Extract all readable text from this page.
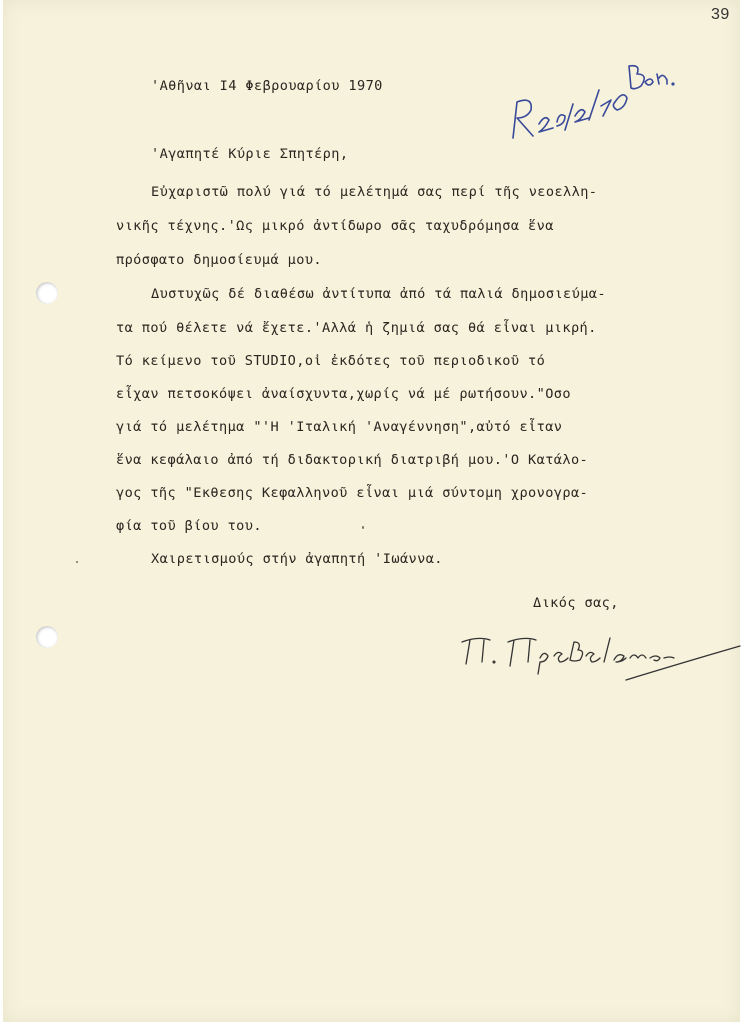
39
'Αθῆναι Ι4 Φεβρουαρίου 1970
'Αγαπητέ Κύριε Σπητέρη,
Εὐχαριστῶ πολύ γιά τό μελέτημά σας περί τῆς νεοελλη-
νικῆς τέχνης.'Ως μικρό ἀντίδωρο σᾶς ταχυδρόμησα ἕνα
πρόσφατο δημοσίευμά μου.
Δυστυχῶς δέ διαθέσω ἀντίτυπα ἀπό τά παλιά δημοσιεύμα-
τα πού θέλετε νά ἔχετε.'Αλλά ἡ ζημιά σας θά εἶναι μικρή.
Τό κείμενο τοῦ STUDIO,οἱ ἐκδότες τοῦ περιοδικοῦ τό
εἶχαν πετσοκόψει ἀναίσχυντα,χωρίς νά μέ ρωτήσουν."Οσο
γιά τό μελέτημα "'Η 'Ιταλική 'Αναγέννηση",αὐτό εἶταν
ἕνα κεφάλαιο ἀπό τή διδακτορική διατριβή μου.'Ο Κατάλο-
γος τῆς "Εκθεσης Κεφαλληνοῦ εἶναι μιά σύντομη χρονογρα-
φία τοῦ βίου του.
Χαιρετισμούς στήν ἀγαπητή 'Ιωάννα.
Δικός σας,
